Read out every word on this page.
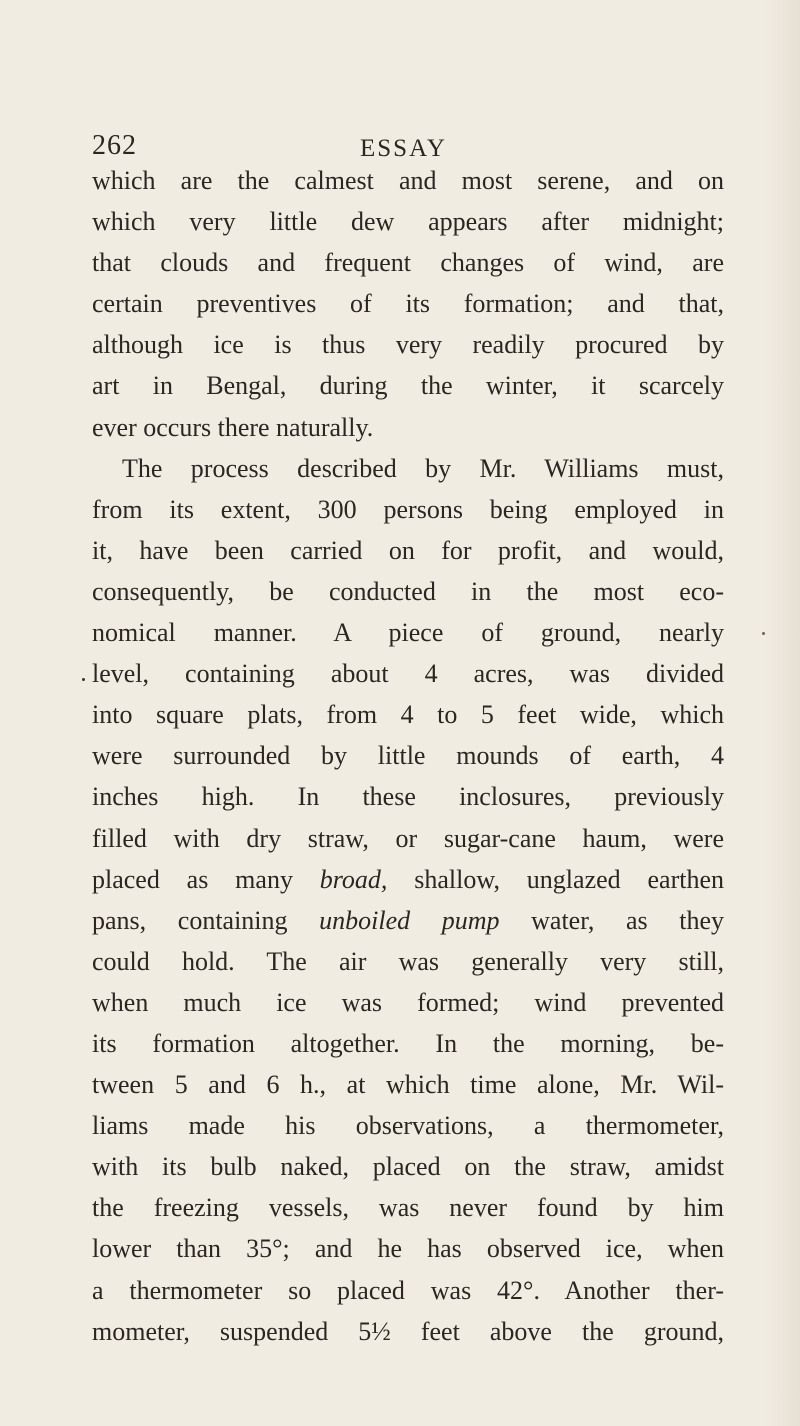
262	ESSAY
which are the calmest and most serene, and on
which very little dew appears after midnight;
that clouds and frequent changes of wind, are
certain preventives of its formation; and that,
although ice is thus very readily procured by
art in Bengal, during the winter, it scarcely
ever occurs there naturally.
The process described by Mr. Williams must,
from its extent, 300 persons being employed in
it, have been carried on for profit, and would,
consequently, be conducted in the most eco-
nomical manner. A piece of ground, nearly
level, containing about 4 acres, was divided
into square plats, from 4 to 5 feet wide, which
were surrounded by little mounds of earth, 4
inches high. In these inclosures, previously
filled with dry straw, or sugar-cane haum, were
placed as many broad, shallow, unglazed earthen
pans, containing unboiled pump water, as they
could hold. The air was generally very still,
when much ice was formed; wind prevented
its formation altogether. In the morning, be-
tween 5 and 6 h., at which time alone, Mr. Wil-
liams made his observations, a thermometer,
with its bulb naked, placed on the straw, amidst
the freezing vessels, was never found by him
lower than 35°; and he has observed ice, when
a thermometer so placed was 42°. Another ther-
mometer, suspended 5½ feet above the ground,
